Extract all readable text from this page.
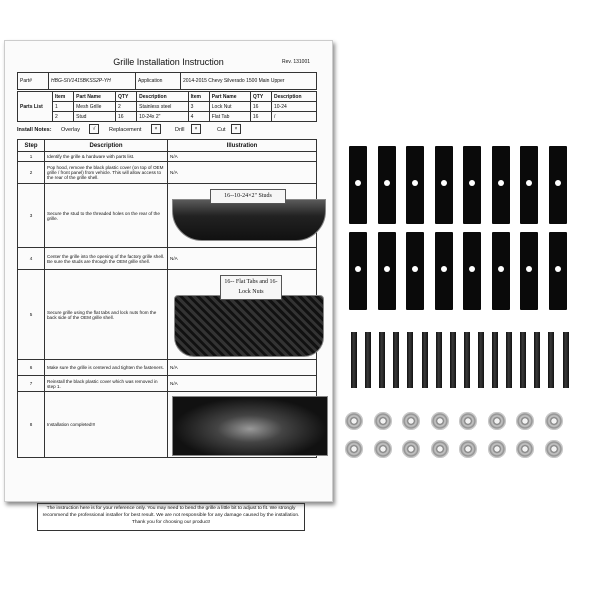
Grille Installation Instruction	Rev. 131001
Part#	HBG-SIV1415BKSS2P-YH	Application	2014-2015 Chevy Silverado 1500 Main Upper
Parts List	Item	Part Name	QTY	Description	Item	Part Name	QTY	Description
	1	Mesh Grille	2	Stainless steel	3	Lock Nut	16	10-24
	2	Stud	16	10-24x 2"	4	Flat Tab	16	/
Install Notes: Overlay	√	Replacement	×	Drill	×	Cut	×
Step	Description	Illustration
1	Identify the grille & hardware with parts list.	N/A
2	Pop hood, remove the black plastic cover (on top of OEM grille / front panel) from vehicle. This will allow access to the rear of the grille shell.	N/A
3	Secure the stud to the threaded holes on the rear of the grille.	16--10-24×2" Studs

4	Center the grille into the opening of the factory grille shell. Be sure the studs are through the OEM grille shell.	N/A
5	Secure grille using the flat tabs and lock nuts from the back side of the OEM grille shell.	16-- Flat Tabs and 16-Lock Nuts

6	Make sure the grille is centered and tighten the fasteners.	N/A
7	Reinstall the black plastic cover which was removed in step 1.	N/A
8	Installation completed!!!	
The instruction here is for your reference only. You may need to bend the grille a little bit to adjust to fit. We strongly recommend the professional installer for best result. We are not responsible for any damage caused by the installation. Thank you for choosing our product!
